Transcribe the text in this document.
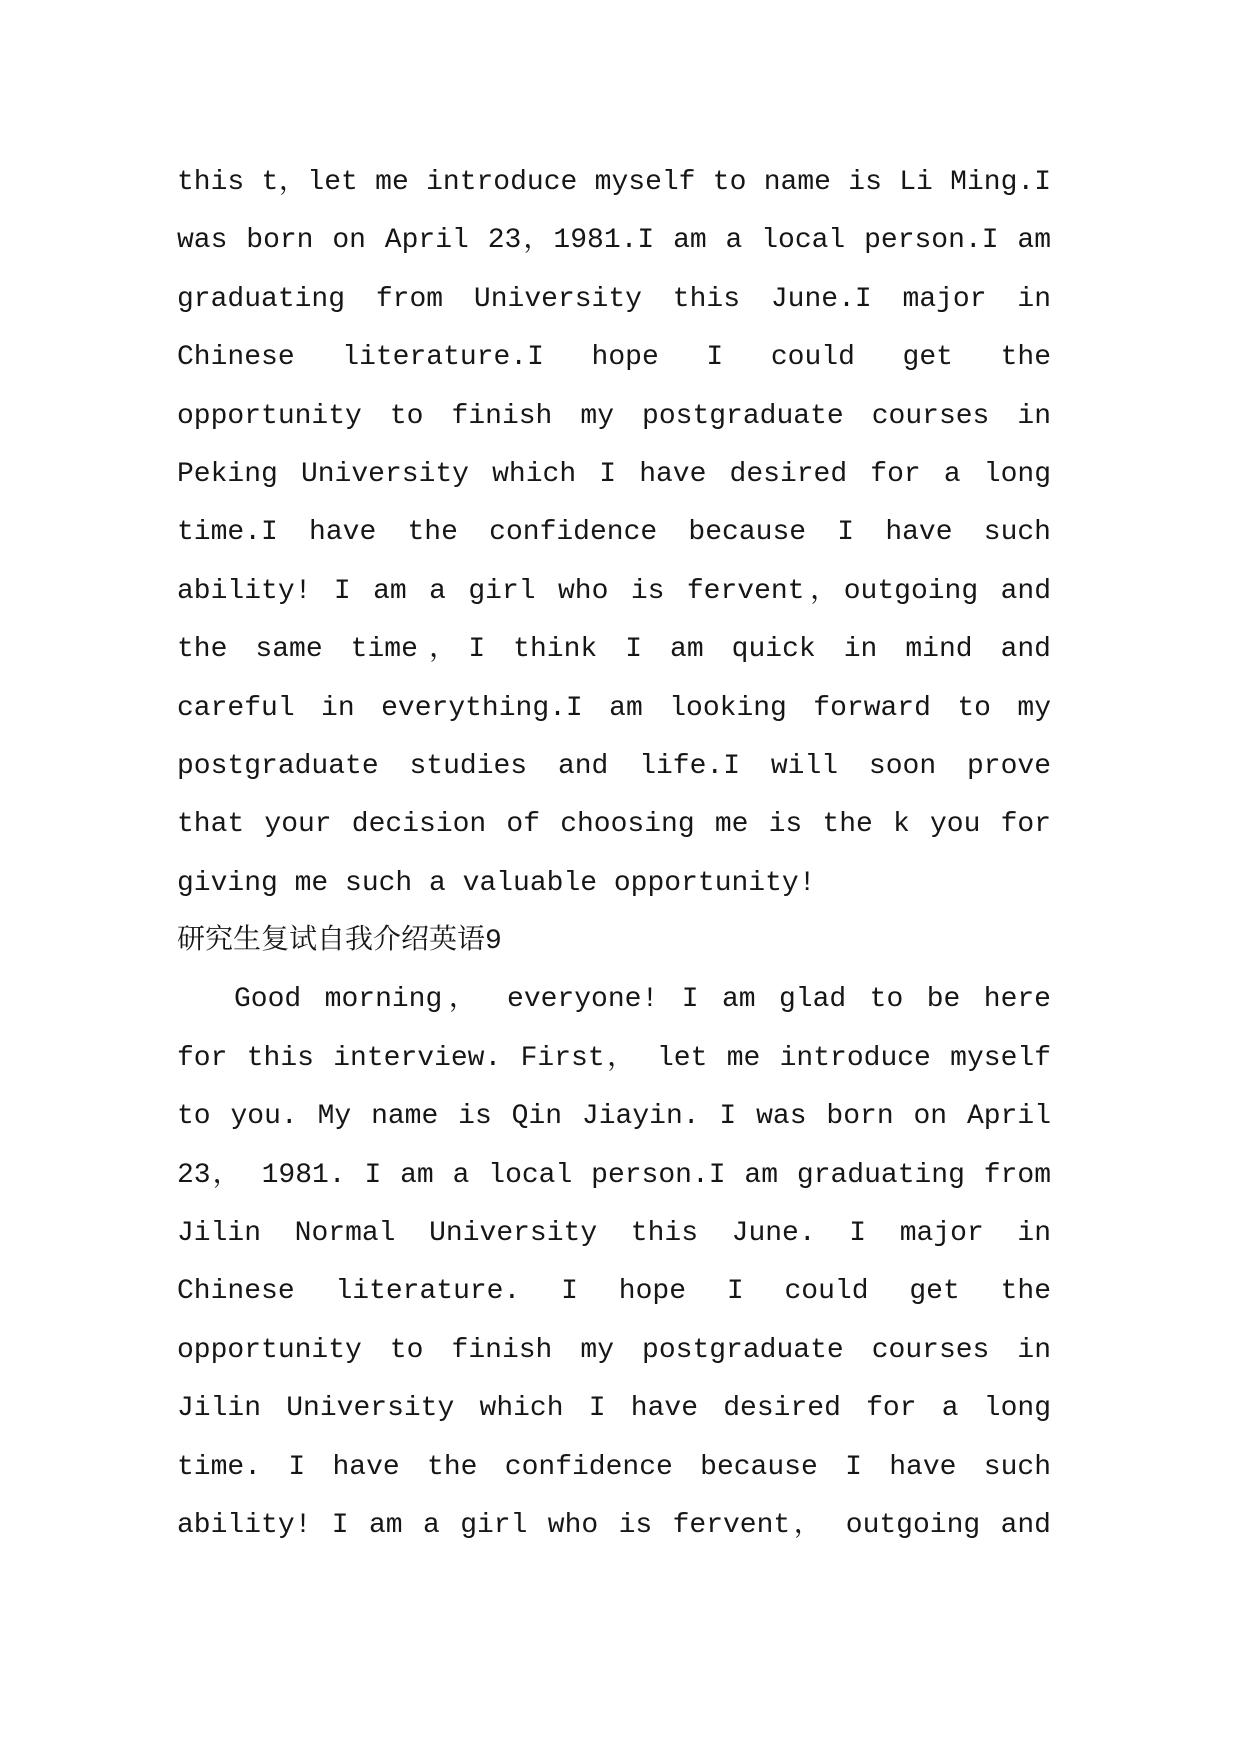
this t，let me introduce myself to name is Li Ming.I
was born on April 23，1981.I am a local person.I am
graduating from University this June.I major in
Chinese literature.I hope I could get the
opportunity to finish my postgraduate courses in
Peking University which I have desired for a long
time.I have the confidence because I have such
ability! I am a girl who is fervent，outgoing and
the same time，I think I am quick in mind and
careful in everything.I am looking forward to my
postgraduate studies and life.I will soon prove
that your decision of choosing me is the k you for
giving me such a valuable opportunity!
研究生复试自我介绍英语9
Good morning， everyone! I am glad to be here
for this interview. First， let me introduce myself
to you. My name is Qin Jiayin. I was born on April
23， 1981. I am a local person.I am graduating from
Jilin Normal University this June. I major in
Chinese literature. I hope I could get the
opportunity to finish my postgraduate courses in
Jilin University which I have desired for a long
time. I have the confidence because I have such
ability! I am a girl who is fervent， outgoing and
